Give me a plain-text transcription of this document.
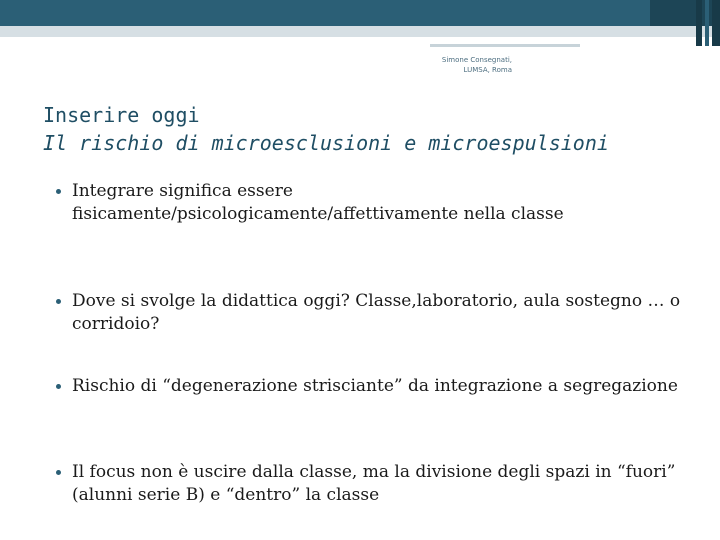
Simone Consegnati,
LUMSA, Roma
Inserire oggi
Il rischio di microesclusioni e microespulsioni
Integrare significa essere fisicamente/psicologicamente/affettivamente nella classe
Dove si svolge la didattica oggi? Classe,laboratorio, aula sostegno … o corridoio?
Rischio di “degenerazione strisciante” da integrazione a segregazione
Il focus non è uscire dalla classe, ma la divisione degli spazi in “fuori” (alunni serie B) e “dentro” la classe
